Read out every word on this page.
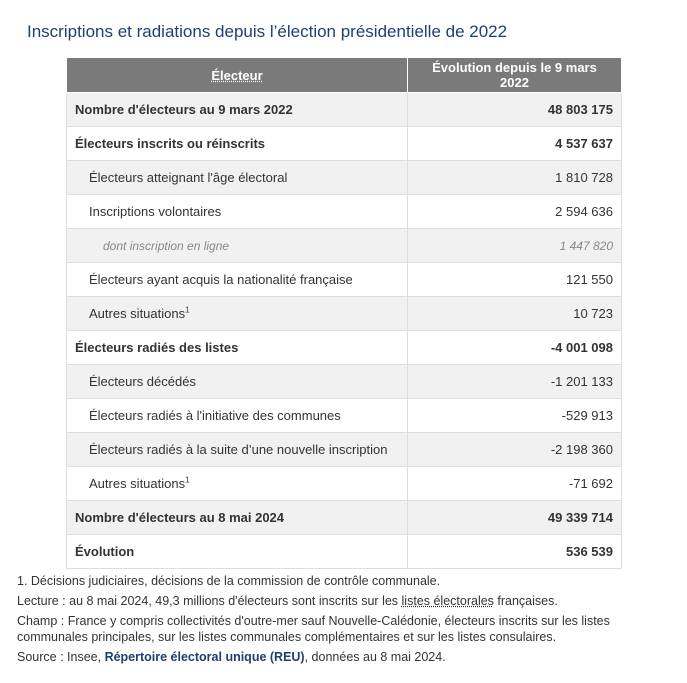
Inscriptions et radiations depuis l’élection présidentielle de 2022
Électeur	Évolution depuis le 9 mars 2022
Nombre d'électeurs au 9 mars 2022	48 803 175
Électeurs inscrits ou réinscrits	4 537 637
Électeurs atteignant l'âge électoral	1 810 728
Inscriptions volontaires	2 594 636
dont inscription en ligne	1 447 820
Électeurs ayant acquis la nationalité française	121 550
Autres situations$^1$	10 723
Électeurs radiés des listes	-4 001 098
Électeurs décédés	-1 201 133
Électeurs radiés à l'initiative des communes	-529 913
Électeurs radiés à la suite d’une nouvelle inscription	-2 198 360
Autres situations$^1$	-71 692
Nombre d'électeurs au 8 mai 2024	49 339 714
Évolution	536 539

1. Décisions judiciaires, décisions de la commission de contrôle communale.

Lecture : au 8 mai 2024, 49,3 millions d'électeurs sont inscrits sur les listes électorales françaises.

Champ : France y compris collectivités d'outre-mer sauf Nouvelle-Calédonie, électeurs inscrits sur les listes communales principales, sur les listes communales complémentaires et sur les listes consulaires.

Source : Insee, Répertoire électoral unique (REU), données au 8 mai 2024.
